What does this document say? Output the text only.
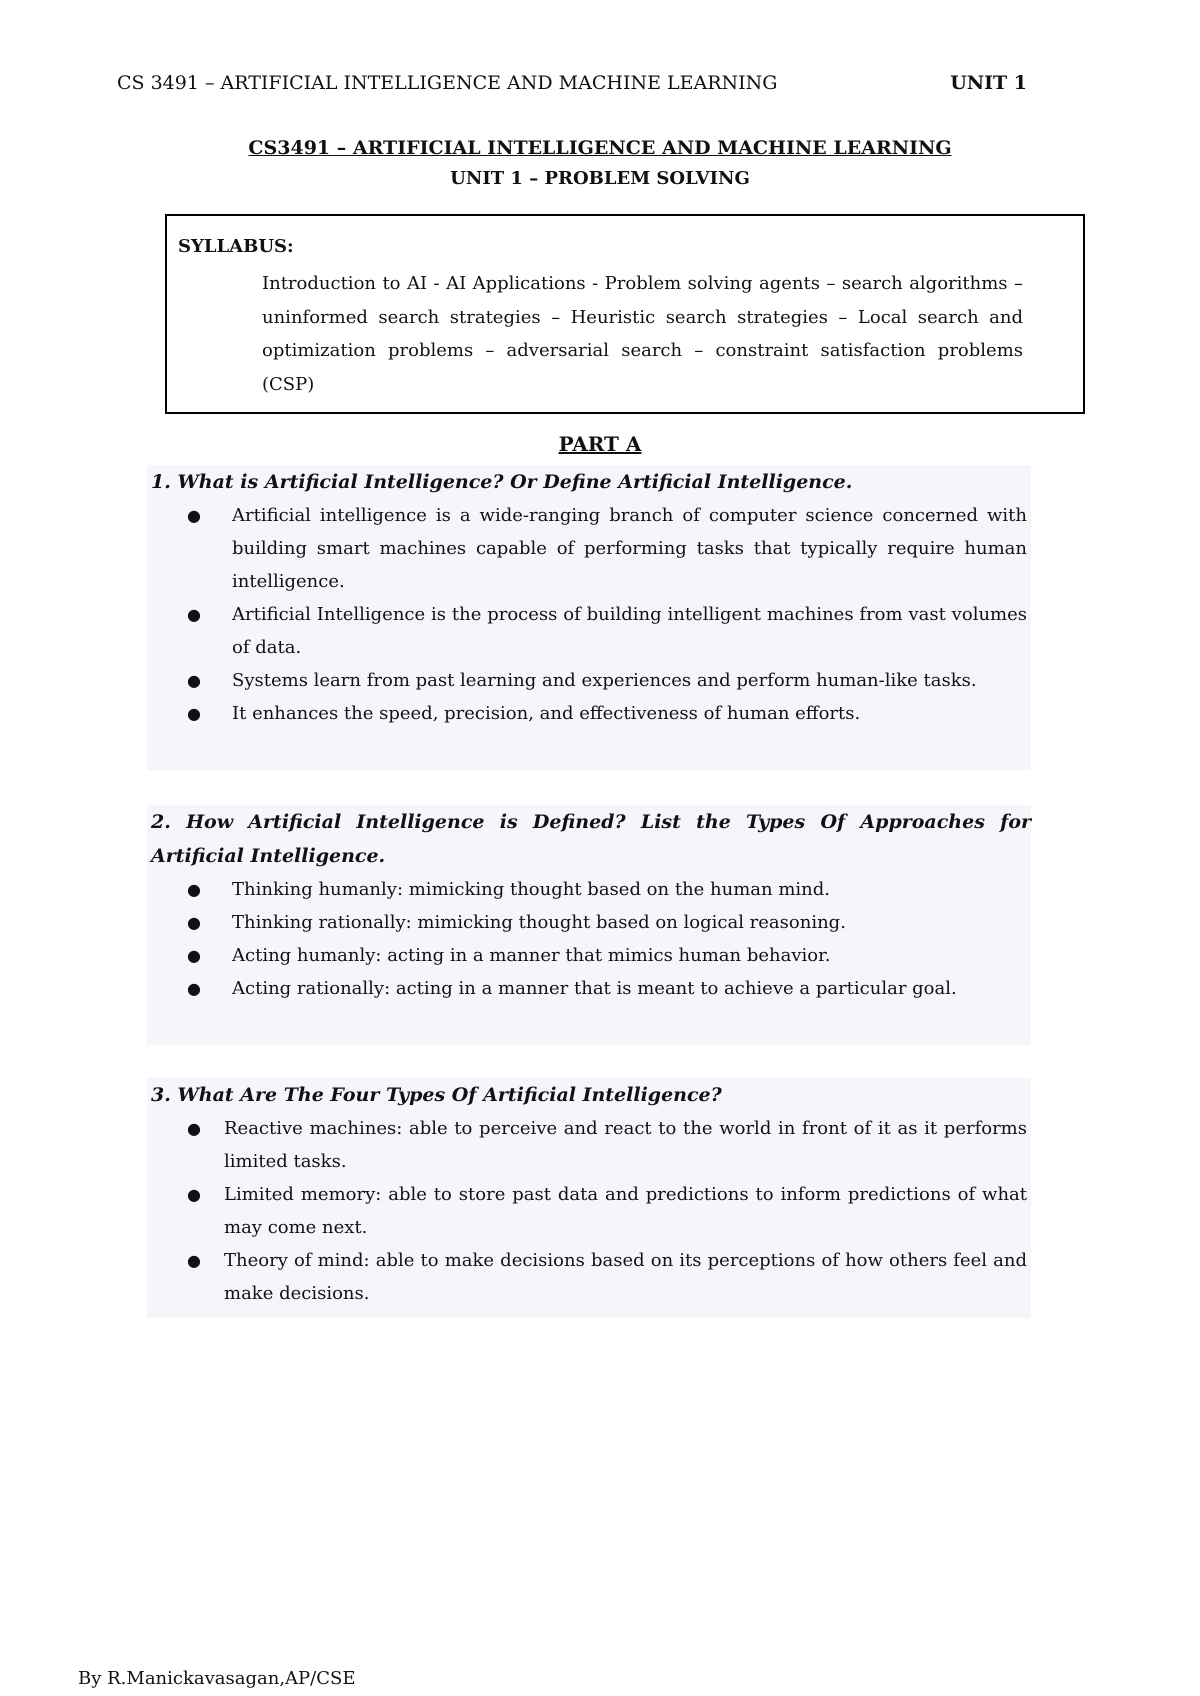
CS 3491 – ARTIFICIAL INTELLIGENCE AND MACHINE LEARNING	UNIT 1
CS3491 – ARTIFICIAL INTELLIGENCE AND MACHINE LEARNING
UNIT 1 – PROBLEM SOLVING
SYLLABUS:
Introduction to AI - AI Applications - Problem solving agents – search algorithms – uninformed search strategies – Heuristic search strategies – Local search and optimization problems – adversarial search – constraint satisfaction problems (CSP)
PART A
1. What is Artificial Intelligence? Or Define Artificial Intelligence.
● Artificial intelligence is a wide-ranging branch of computer science concerned with building smart machines capable of performing tasks that typically require human intelligence.
● Artificial Intelligence is the process of building intelligent machines from vast volumes of data.
● Systems learn from past learning and experiences and perform human-like tasks.
● It enhances the speed, precision, and effectiveness of human efforts.
2. How Artificial Intelligence is Defined? List the Types Of Approaches for Artificial Intelligence.
● Thinking humanly: mimicking thought based on the human mind.
● Thinking rationally: mimicking thought based on logical reasoning.
● Acting humanly: acting in a manner that mimics human behavior.
● Acting rationally: acting in a manner that is meant to achieve a particular goal.
3. What Are The Four Types Of Artificial Intelligence?
● Reactive machines: able to perceive and react to the world in front of it as it performs limited tasks.
● Limited memory: able to store past data and predictions to inform predictions of what may come next.
● Theory of mind: able to make decisions based on its perceptions of how others feel and make decisions.
By R.Manickavasagan,AP/CSE
